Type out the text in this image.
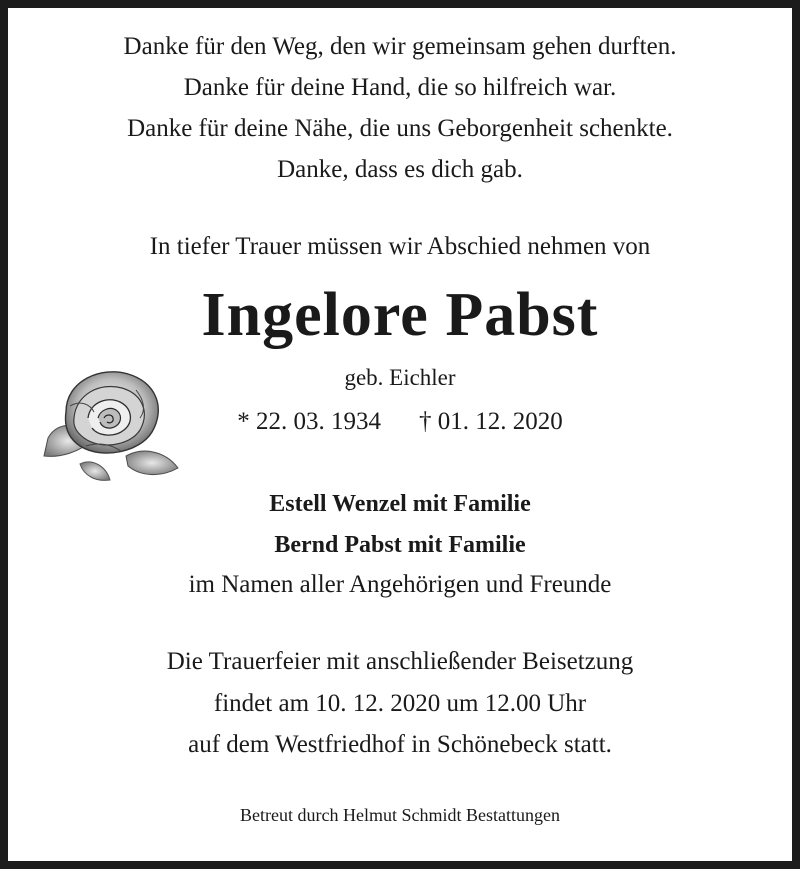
Danke für den Weg, den wir gemeinsam gehen durften.
Danke für deine Hand, die so hilfreich war.
Danke für deine Nähe, die uns Geborgenheit schenkte.
Danke, dass es dich gab.
In tiefer Trauer müssen wir Abschied nehmen von
Ingelore Pabst
geb. Eichler
* 22. 03. 1934 † 01. 12. 2020
Estell Wenzel mit Familie
Bernd Pabst mit Familie
im Namen aller Angehörigen und Freunde
Die Trauerfeier mit anschließender Beisetzung
findet am 10. 12. 2020 um 12.00 Uhr
auf dem Westfriedhof in Schönebeck statt.
Betreut durch Helmut Schmidt Bestattungen
